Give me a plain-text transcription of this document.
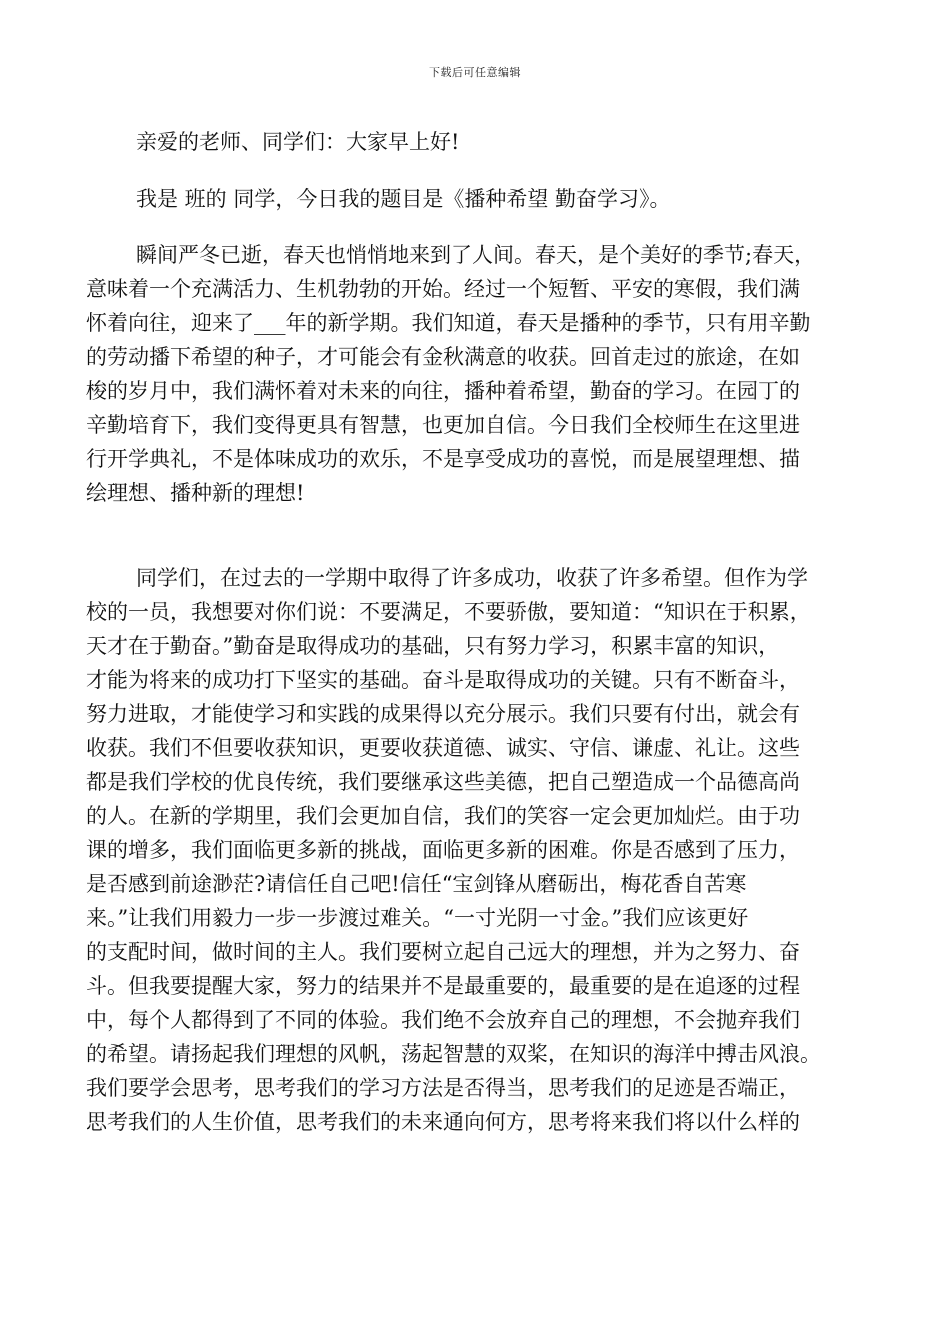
下载后可任意编辑
亲爱的老师、同学们：大家早上好!
我是 班的 同学，今日我的题目是《播种希望 勤奋学习》。
瞬间严冬已逝，春天也悄悄地来到了人间。春天，是个美好的季节;春天，
意味着一个充满活力、生机勃勃的开始。经过一个短暂、平安的寒假，我们满
怀着向往，迎来了___年的新学期。我们知道，春天是播种的季节，只有用辛勤
的劳动播下希望的种子，才可能会有金秋满意的收获。回首走过的旅途，在如
梭的岁月中，我们满怀着对未来的向往，播种着希望，勤奋的学习。在园丁的
辛勤培育下，我们变得更具有智慧，也更加自信。今日我们全校师生在这里进
行开学典礼，不是体味成功的欢乐，不是享受成功的喜悦，而是展望理想、描
绘理想、播种新的理想!
同学们，在过去的一学期中取得了许多成功，收获了许多希望。但作为学
校的一员，我想要对你们说：不要满足，不要骄傲，要知道：“知识在于积累，
天才在于勤奋。”勤奋是取得成功的基础，只有努力学习，积累丰富的知识，
才能为将来的成功打下坚实的基础。奋斗是取得成功的关键。只有不断奋斗，
努力进取，才能使学习和实践的成果得以充分展示。我们只要有付出，就会有
收获。我们不但要收获知识，更要收获道德、诚实、守信、谦虚、礼让。这些
都是我们学校的优良传统，我们要继承这些美德，把自己塑造成一个品德高尚
的人。在新的学期里，我们会更加自信，我们的笑容一定会更加灿烂。由于功
课的增多，我们面临更多新的挑战，面临更多新的困难。你是否感到了压力，
是否感到前途渺茫?请信任自己吧!信任“宝剑锋从磨砺出，梅花香自苦寒
来。”让我们用毅力一步一步渡过难关。“一寸光阴一寸金。”我们应该更好
的支配时间，做时间的主人。我们要树立起自己远大的理想，并为之努力、奋
斗。但我要提醒大家，努力的结果并不是最重要的，最重要的是在追逐的过程
中，每个人都得到了不同的体验。我们绝不会放弃自己的理想，不会抛弃我们
的希望。请扬起我们理想的风帆，荡起智慧的双桨，在知识的海洋中搏击风浪。
我们要学会思考，思考我们的学习方法是否得当，思考我们的足迹是否端正，
思考我们的人生价值，思考我们的未来通向何方，思考将来我们将以什么样的
